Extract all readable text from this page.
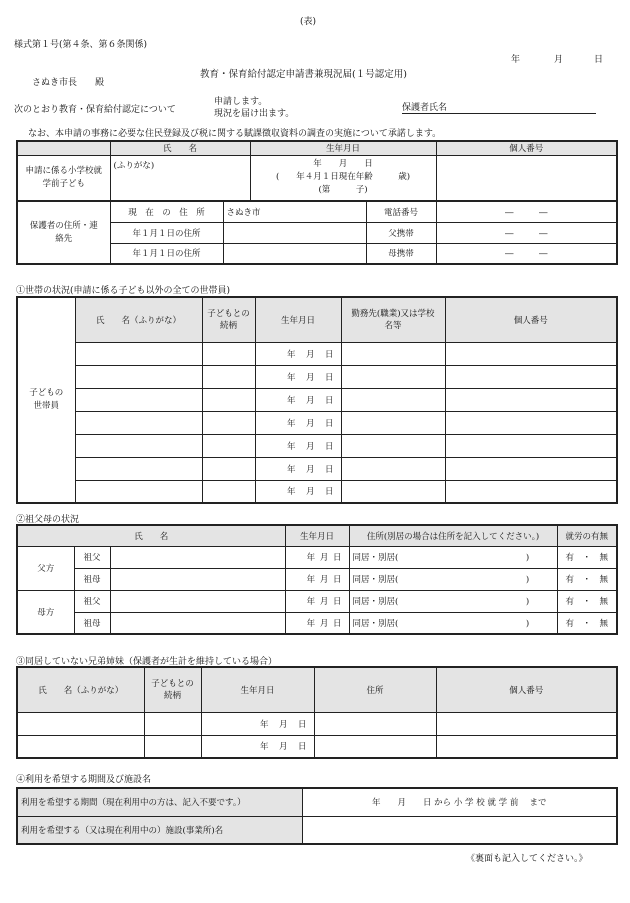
(表)
様式第１号(第４条、第６条関係)
年	月	日
教育・保育給付認定申請書兼現況届(１号認定用)
さぬき市長　　殿
次のとおり教育・保育給付認定について
申請します。
現況を届け出ます。
保護者氏名
なお、本申請の事務に必要な住民登録及び税に関する賦課徴収資料の調査の実施について承諾します。
	氏　　名		生年月日		個人番号
申請に係る小学校就学前子ども	(ふりがな)		年　　月　　日
(　　年４月１日現在年齢　　　歳)
(第　　　子)		

保護者の住所・連絡先	現　在　の　住　所	さぬき市		電話番号	―　　　―
	年１月１日の住所			父携帯	―　　　―
	年１月１日の住所			母携帯	―　　　―
①世帯の状況(申請に係る子ども以外の全ての世帯員)
子どもの世帯員	氏　　名（ふりがな）	子どもとの続柄	生年月日	勤務先(職業)又は学校名等	個人番号
			年　月　日		

			年　月　日		

			年　月　日		

			年　月　日		

			年　月　日		

			年　月　日		

			年　月　日		
②祖父母の状況
氏　　名			生年月日	住所(別居の場合は住所を記入してください。)	就労の有無
父方	祖父		年 月 日	同居・別居(　　　　　　　　　　　　　　　)	有　・　無
	祖母		年 月 日	同居・別居(　　　　　　　　　　　　　　　)	有　・　無
母方	祖父		年 月 日	同居・別居(　　　　　　　　　　　　　　　)	有　・　無
	祖母		年 月 日	同居・別居(　　　　　　　　　　　　　　　)	有　・　無
③同居していない兄弟姉妹（保護者が生計を維持している場合）
氏　　名（ふりがな）	子どもとの続柄	生年月日	住所	個人番号
		年　月　日		

		年　月　日		
④利用を希望する期間及び施設名
利用を希望する期間（現在利用中の方は、記入不要です。）	年　　月　　日 から 小 学 校 就 学 前　 まで
利用を希望する（又は現在利用中の）施設(事業所)名	
《裏面も記入してください。》
